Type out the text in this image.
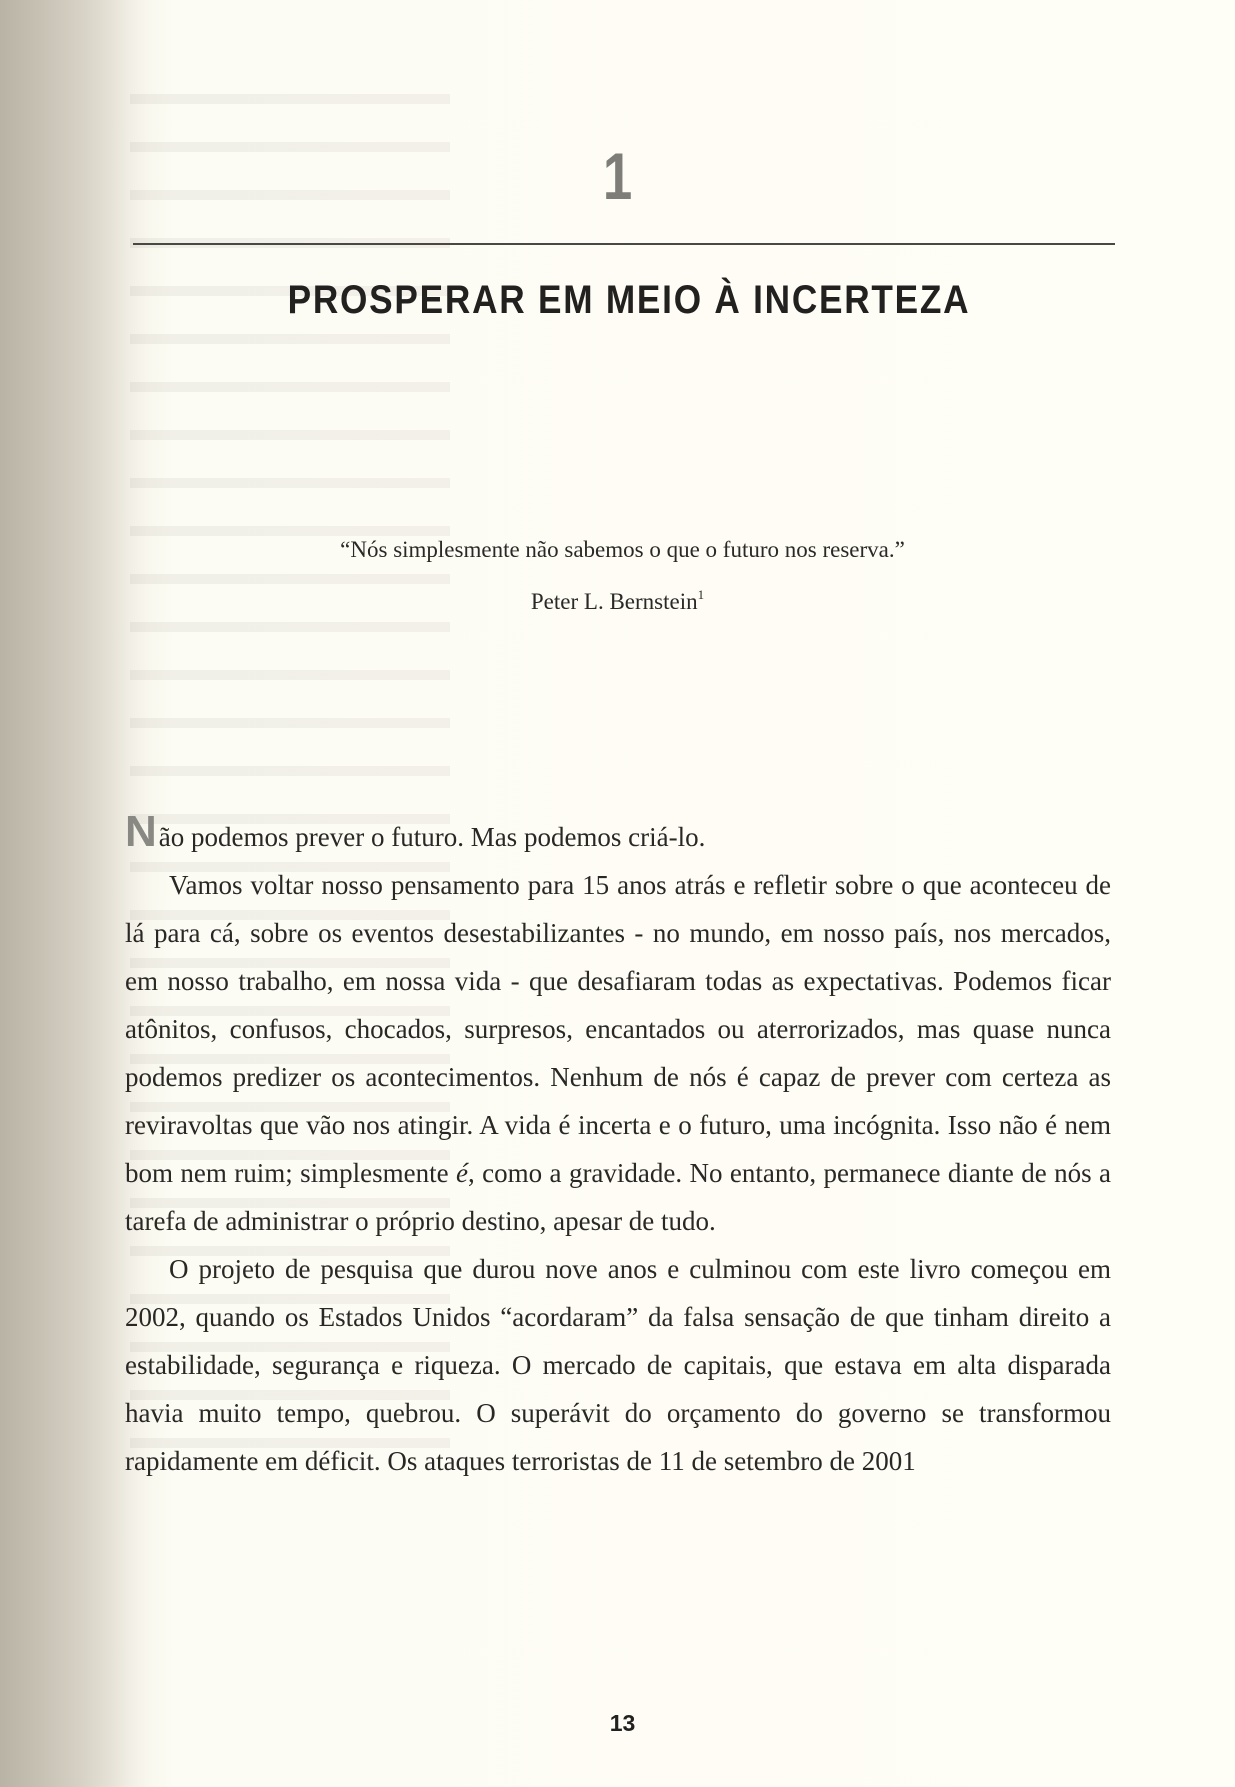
1
PROSPERAR EM MEIO À INCERTEZA
“Nós simplesmente não sabemos o que o futuro nos reserva.”
Peter L. Bernstein$^1$

Não podemos prever o futuro. Mas podemos criá-lo.

Vamos voltar nosso pensamento para 15 anos atrás e refletir sobre o que aconteceu de lá para cá, sobre os eventos desestabilizantes - no mundo, em nosso país, nos mercados, em nosso trabalho, em nossa vida - que desafiaram todas as expectativas. Podemos ficar atônitos, confusos, chocados, surpresos, encantados ou aterrorizados, mas quase nunca podemos predizer os acontecimentos. Nenhum de nós é capaz de prever com certeza as reviravoltas que vão nos atingir. A vida é incerta e o futuro, uma incógnita. Isso não é nem bom nem ruim; simplesmente é, como a gravidade. No entanto, permanece diante de nós a tarefa de administrar o próprio destino, apesar de tudo.

O projeto de pesquisa que durou nove anos e culminou com este livro começou em 2002, quando os Estados Unidos “acordaram” da falsa sensação de que tinham direito a estabilidade, segurança e riqueza. O mercado de capitais, que estava em alta disparada havia muito tempo, quebrou. O superávit do orçamento do governo se transformou rapidamente em déficit. Os ataques terroristas de 11 de setembro de 2001

13
